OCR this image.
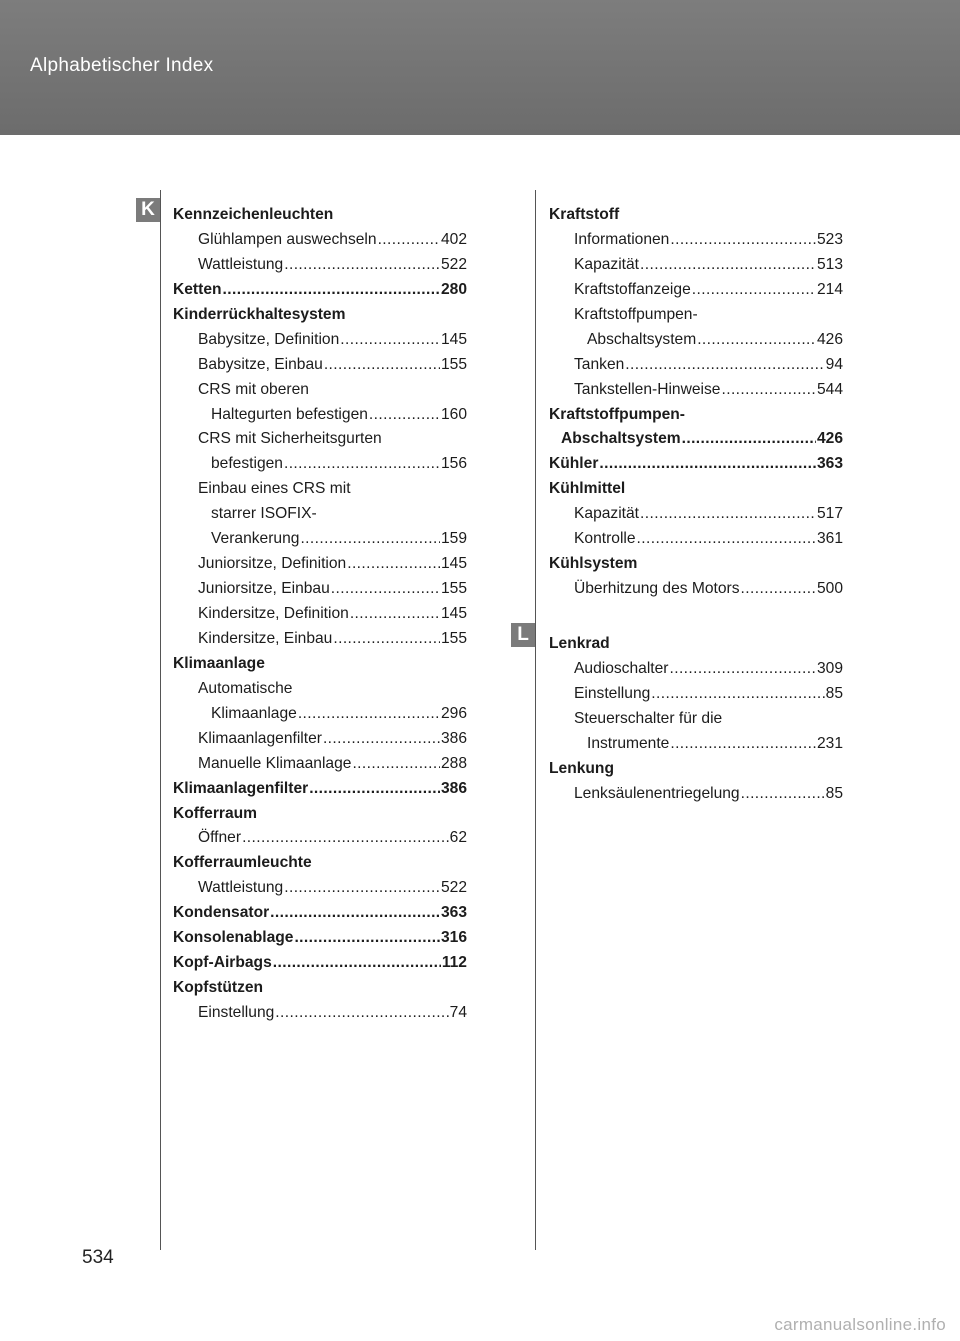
Alphabetischer Index
K
L
Kennzeichenleuchten
Glühlampen auswechseln .....	402
Wattleistung .....	522
Ketten .....	280
Kinderrückhaltesystem
Babysitze, Definition .....	145
Babysitze, Einbau .....	155
CRS mit oberen
Haltegurten befestigen .....	160
CRS mit Sicherheitsgurten
befestigen .....	156
Einbau eines CRS mit
starrer ISOFIX-
Verankerung .....	159
Juniorsitze, Definition .....	145
Juniorsitze, Einbau .....	155
Kindersitze, Definition .....	145
Kindersitze, Einbau .....	155
Klimaanlage
Automatische
Klimaanlage .....	296
Klimaanlagenfilter .....	386
Manuelle Klimaanlage .....	288
Klimaanlagenfilter .....	386
Kofferraum
Öffner .....	62
Kofferraumleuchte
Wattleistung .....	522
Kondensator .....	363
Konsolenablage .....	316
Kopf-Airbags .....	112
Kopfstützen
Einstellung .....	74
Kraftstoff
Informationen .....	523
Kapazität .....	513
Kraftstoffanzeige .....	214
Kraftstoffpumpen-
Abschaltsystem .....	426
Tanken .....	94
Tankstellen-Hinweise .....	544
Kraftstoffpumpen-
Abschaltsystem .....	426
Kühler .....	363
Kühlmittel
Kapazität .....	517
Kontrolle .....	361
Kühlsystem
Überhitzung des Motors .....	500
Lenkrad
Audioschalter .....	309
Einstellung .....	85
Steuerschalter für die
Instrumente .....	231
Lenkung
Lenksäulenentriegelung .....	85
534
carmanualsonline.info
